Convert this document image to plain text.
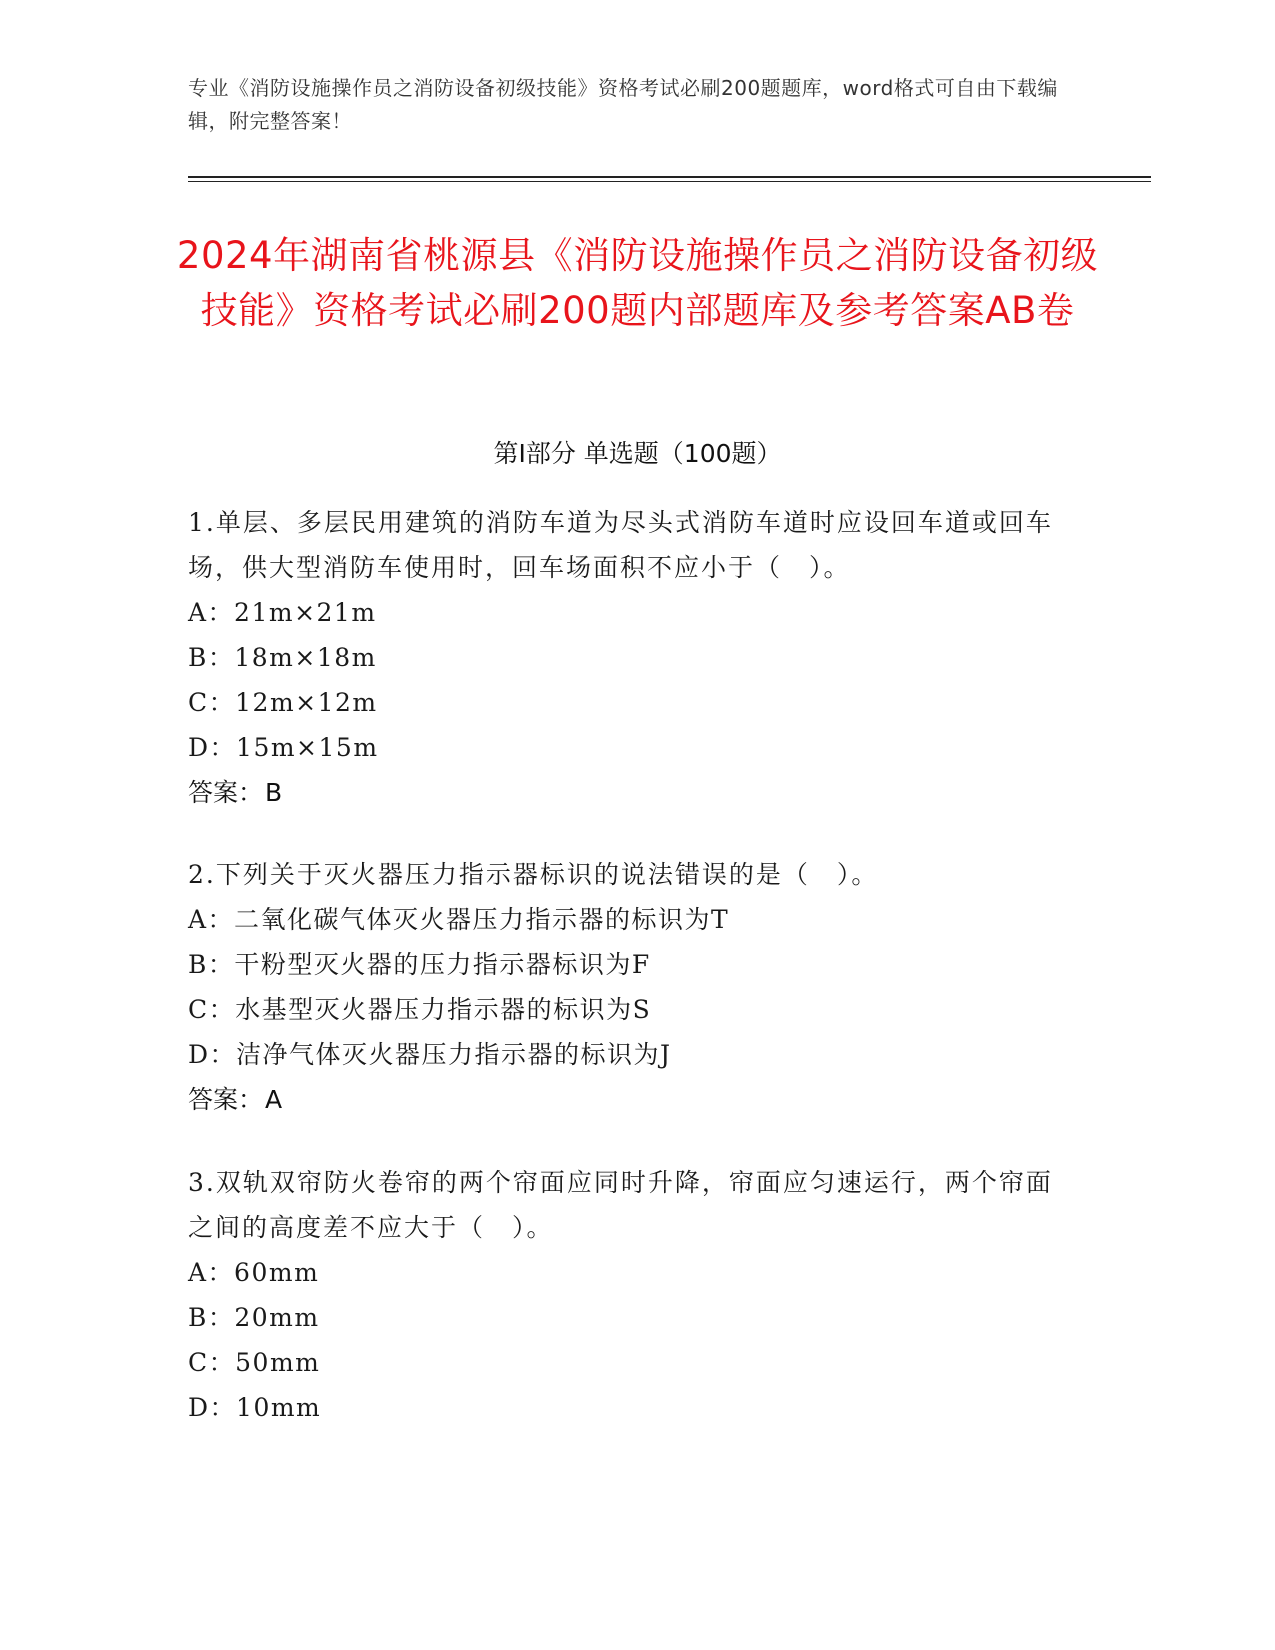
专业《消防设施操作员之消防设备初级技能》资格考试必刷200题题库，word格式可自由下载编辑，附完整答案！
2024年湖南省桃源县《消防设施操作员之消防设备初级技能》资格考试必刷200题内部题库及参考答案AB卷
第I部分 单选题（100题）
1.单层、多层民用建筑的消防车道为尽头式消防车道时应设回车道或回车场，供大型消防车使用时，回车场面积不应小于（　）。
A：21m×21m
B：18m×18m
C：12m×12m
D：15m×15m
答案：B
2.下列关于灭火器压力指示器标识的说法错误的是（　）。
A：二氧化碳气体灭火器压力指示器的标识为T
B：干粉型灭火器的压力指示器标识为F
C：水基型灭火器压力指示器的标识为S
D：洁净气体灭火器压力指示器的标识为J
答案：A
3.双轨双帘防火卷帘的两个帘面应同时升降，帘面应匀速运行，两个帘面之间的高度差不应大于（　）。
A：60mm
B：20mm
C：50mm
D：10mm
